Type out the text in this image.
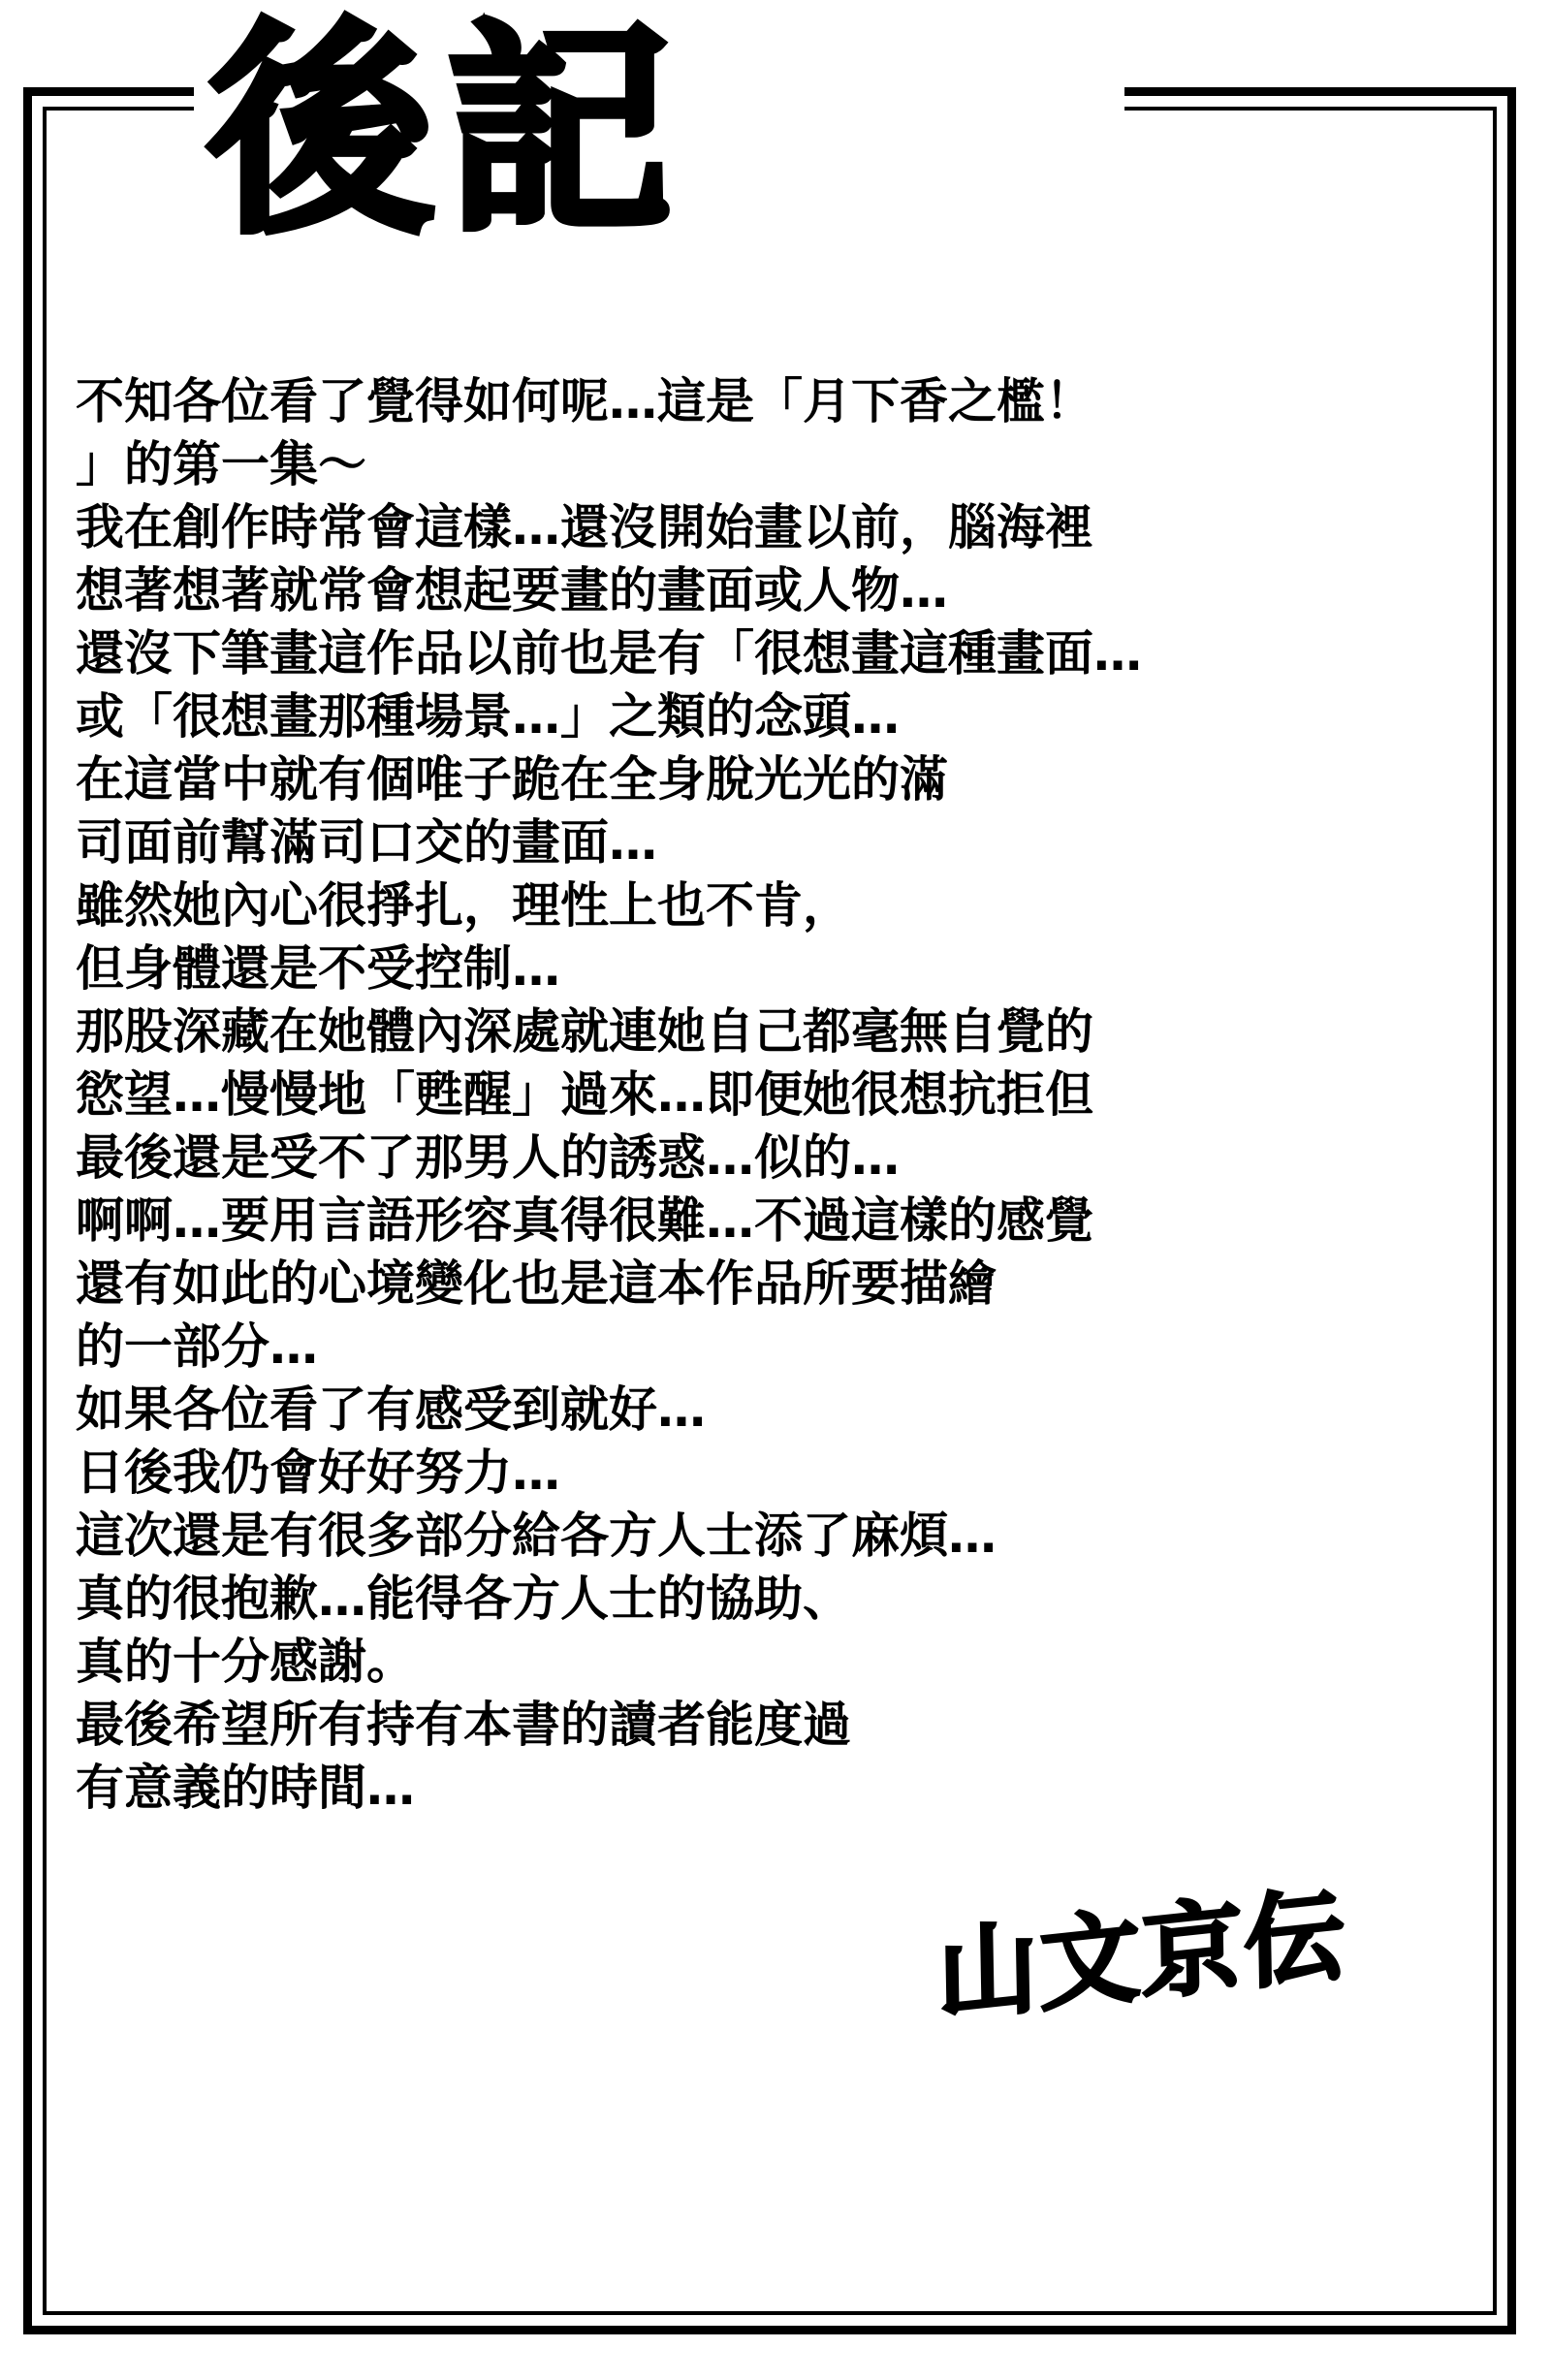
後記

不知各位看了覺得如何呢…這是「月下香之檻！

」的第一集～

我在創作時常會這樣…還沒開始畫以前，腦海裡

想著想著就常會想起要畫的畫面或人物…

還沒下筆畫這作品以前也是有「很想畫這種畫面…

或「很想畫那種場景…」之類的念頭…

在這當中就有個唯子跪在全身脫光光的滿

司面前幫滿司口交的畫面…

雖然她內心很掙扎，理性上也不肯，

但身體還是不受控制…

那股深藏在她體內深處就連她自己都毫無自覺的

慾望…慢慢地「甦醒」過來…即便她很想抗拒但

最後還是受不了那男人的誘惑…似的…

啊啊…要用言語形容真得很難…不過這樣的感覺

還有如此的心境變化也是這本作品所要描繪

的一部分…

如果各位看了有感受到就好…

日後我仍會好好努力…

這次還是有很多部分給各方人士添了麻煩…

真的很抱歉…能得各方人士的協助、

真的十分感謝。

最後希望所有持有本書的讀者能度過

有意義的時間…

山文京伝
